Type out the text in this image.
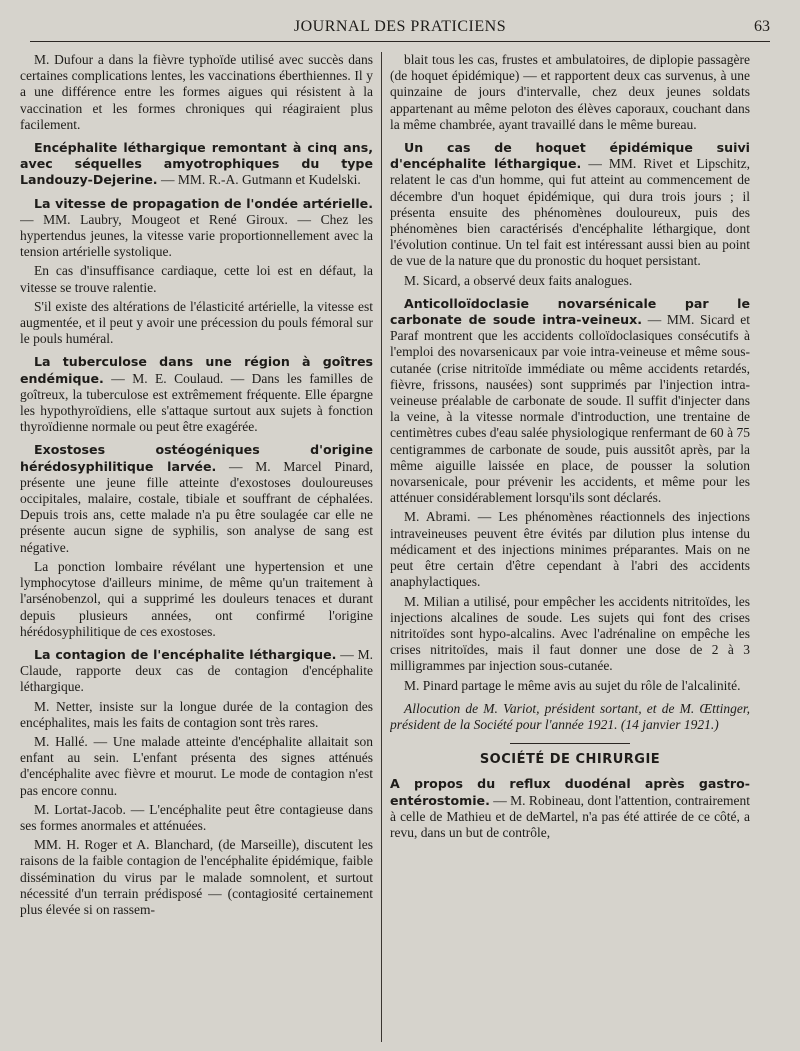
JOURNAL DES PRATICIENS	63

M. Dufour a dans la fièvre typhoïde utilisé avec succès dans certaines complications lentes, les vaccinations éberthiennes. Il y a une différence entre les formes aigues qui résistent à la vaccination et les formes chroniques qui réagiraient plus facilement.

Encéphalite léthargique remontant à cinq ans, avec séquelles amyotrophiques du type Landouzy-Dejerine. — MM. R.-A. Gutmann et Kudelski.

La vitesse de propagation de l'ondée artérielle.— MM. Laubry, Mougeot et René Giroux. — Chez les hypertendus jeunes, la vitesse varie proportionnellement avec la tension artérielle systolique.

En cas d'insuffisance cardiaque, cette loi est en défaut, la vitesse se trouve ralentie.

S'il existe des altérations de l'élasticité artérielle, la vitesse est augmentée, et il peut y avoir une précession du pouls fémoral sur le pouls huméral.

La tuberculose dans une région à goîtres endémique. — M. E. Coulaud. — Dans les familles de goîtreux, la tuberculose est extrêmement fréquente. Elle épargne les hypothyroïdiens, elle s'attaque surtout aux sujets à fonction thyroïdienne normale ou peut être exagérée.

Exostoses ostéogéniques d'origine hérédosyphilitique larvée. — M. Marcel Pinard, présente une jeune fille atteinte d'exostoses douloureuses occipitales, malaire, costale, tibiale et souffrant de céphalées. Depuis trois ans, cette malade n'a pu être soulagée car elle ne présente aucun signe de syphilis, son analyse de sang est négative.

La ponction lombaire révélant une hypertension et une lymphocytose d'ailleurs minime, de même qu'un traitement à l'arsénobenzol, qui a supprimé les douleurs tenaces et durant depuis plusieurs années, ont confirmé l'origine hérédosyphilitique de ces exostoses.

La contagion de l'encéphalite léthargique. — M. Claude, rapporte deux cas de contagion d'encéphalite léthargique.

M. Netter, insiste sur la longue durée de la contagion des encéphalites, mais les faits de contagion sont très rares.

M. Hallé. — Une malade atteinte d'encéphalite allaitait son enfant au sein. L'enfant présenta des signes atténués d'encéphalite avec fièvre et mourut. Le mode de contagion n'est pas encore connu.

M. Lortat-Jacob. — L'encéphalite peut être contagieuse dans ses formes anormales et atténuées.

MM. H. Roger et A. Blanchard, (de Marseille), discutent les raisons de la faible contagion de l'encéphalite épidémique, faible dissémination du virus par le malade somnolent, et surtout nécessité d'un terrain prédisposé — (contagiosité certainement plus élevée si on rassem-

blait tous les cas, frustes et ambulatoires, de diplopie passagère (de hoquet épidémique) — et rapportent deux cas survenus, à une quinzaine de jours d'intervalle, chez deux jeunes soldats appartenant au même peloton des élèves caporaux, couchant dans la même chambrée, ayant travaillé dans le même bureau.

Un cas de hoquet épidémique suivi d'encéphalite léthargique. — MM. Rivet et Lipschitz, relatent le cas d'un homme, qui fut atteint au commencement de décembre d'un hoquet épidémique, qui dura trois jours ; il présenta ensuite des phénomènes douloureux, puis des phénomènes bien caractérisés d'encéphalite léthargique, dont l'évolution continue. Un tel fait est intéressant aussi bien au point de vue de la nature que du pronostic du hoquet persistant.

M. Sicard, a observé deux faits analogues.

Anticolloïdoclasie novarsénicale par le carbonate de soude intra-veineux. — MM. Sicard et Paraf montrent que les accidents colloïdoclasiques consécutifs à l'emploi des novarsenicaux par voie intra-veineuse et même sous-cutanée (crise nitritoïde immédiate ou même accidents retardés, fièvre, frissons, nausées) sont supprimés par l'injection intra-veineuse préalable de carbonate de soude. Il suffit d'injecter dans la veine, à la vitesse normale d'introduction, une trentaine de centimètres cubes d'eau salée physiologique renfermant de 60 à 75 centigrammes de carbonate de soude, puis aussitôt après, par la même aiguille laissée en place, de pousser la solution novarsenicale, pour prévenir les accidents, et même pour les atténuer considérablement lorsqu'ils sont déclarés.

M. Abrami. — Les phénomènes réactionnels des injections intraveineuses peuvent être évités par dilution plus intense du médicament et des injections minimes préparantes. Mais on ne peut être certain d'être cependant à l'abri des accidents anaphylactiques.

M. Milian a utilisé, pour empêcher les accidents nitritoïdes, les injections alcalines de soude. Les sujets qui font des crises nitritoïdes sont hypo-alcalins. Avec l'adrénaline on empêche les crises nitritoïdes, mais il faut donner une dose de 2 à 3 milligrammes par injection sous-cutanée.

M. Pinard partage le même avis au sujet du rôle de l'alcalinité.

Allocution de M. Variot, président sortant, et de M. Œttinger, président de la Société pour l'année 1921. (14 janvier 1921.)

SOCIÉTÉ DE CHIRURGIE

A propos du reflux duodénal après gastro-entérostomie. — M. Robineau, dont l'attention, contrairement à celle de Mathieu et de deMartel, n'a pas été attirée de ce côté, a revu, dans un but de contrôle,
